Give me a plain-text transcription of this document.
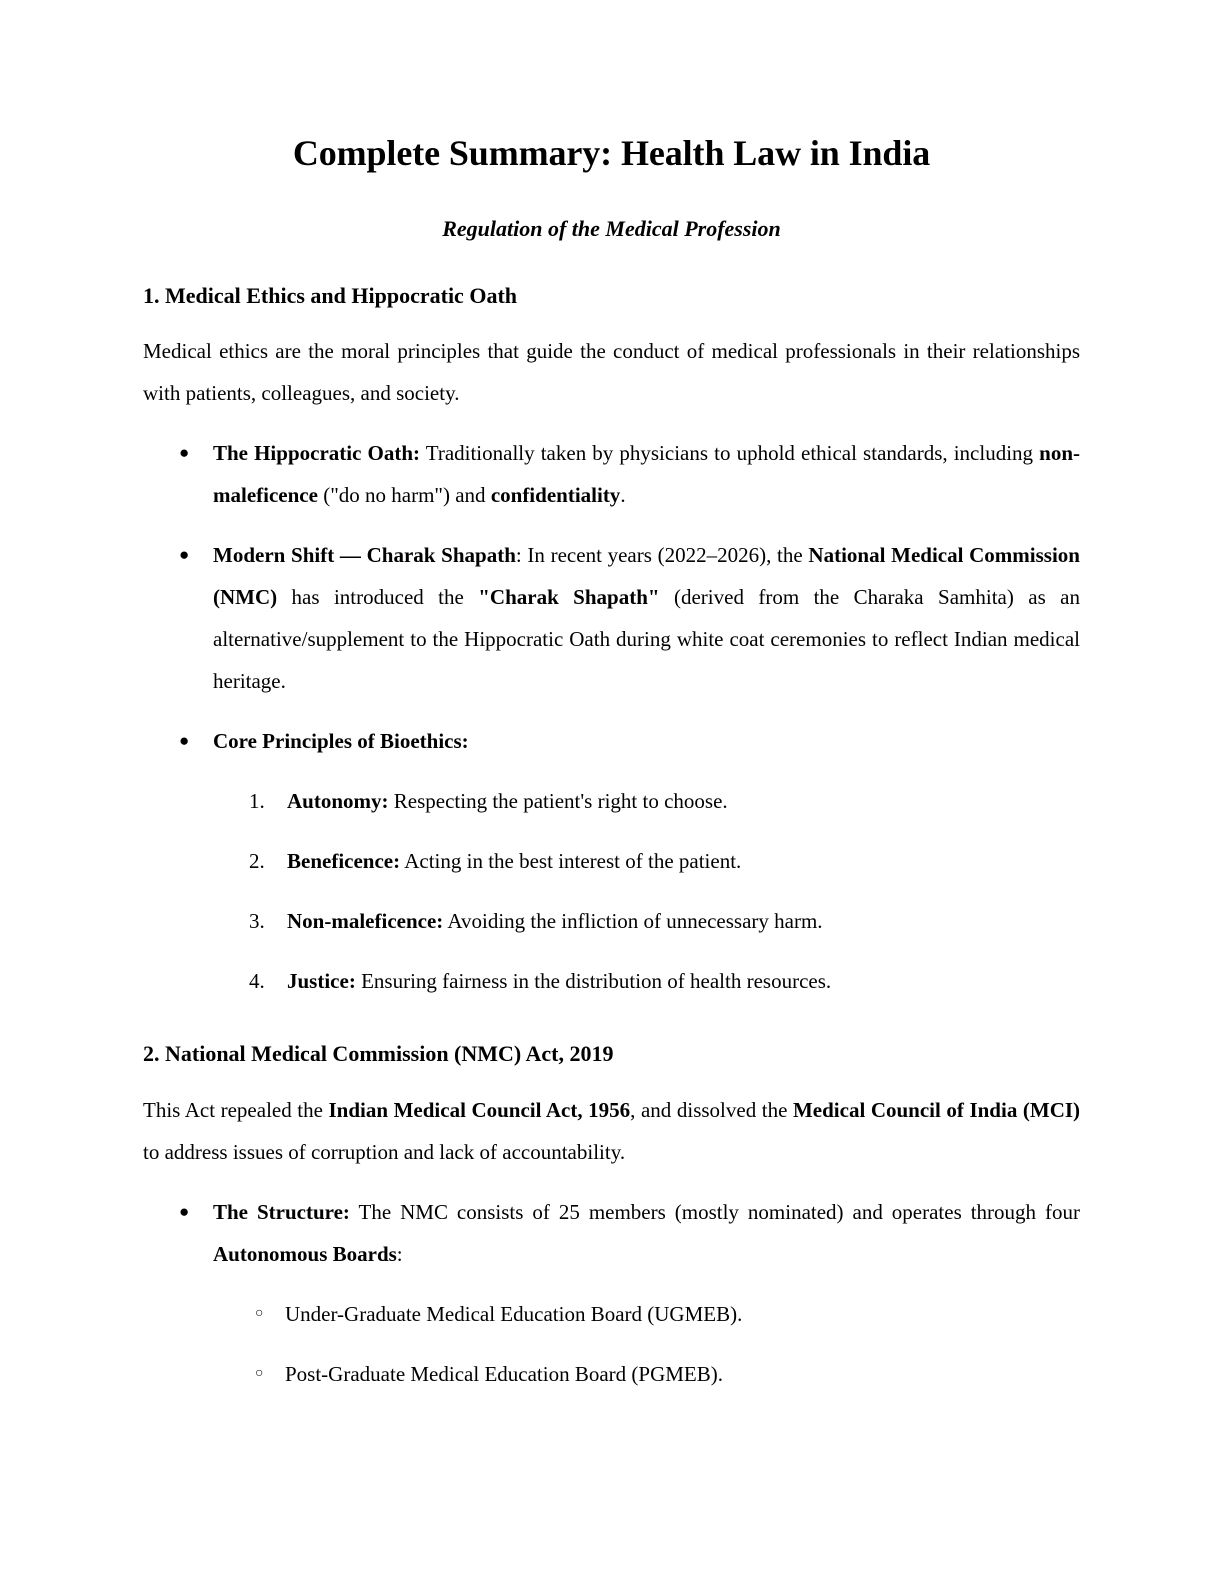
Complete Summary: Health Law in India
Regulation of the Medical Profession
1. Medical Ethics and Hippocratic Oath

Medical ethics are the moral principles that guide the conduct of medical professionals in their relationships with patients, colleagues, and society.

● The Hippocratic Oath: Traditionally taken by physicians to uphold ethical standards, including non-maleficence ("do no harm") and confidentiality.
● Modern Shift — Charak Shapath: In recent years (2022–2026), the National Medical Commission (NMC) has introduced the "Charak Shapath" (derived from the Charaka Samhita) as an alternative/supplement to the Hippocratic Oath during white coat ceremonies to reflect Indian medical heritage.
● Core Principles of Bioethics:
1.	Autonomy: Respecting the patient's right to choose.
2.	Beneficence: Acting in the best interest of the patient.
3.	Non-maleficence: Avoiding the infliction of unnecessary harm.
4.	Justice: Ensuring fairness in the distribution of health resources.
2. National Medical Commission (NMC) Act, 2019

This Act repealed the Indian Medical Council Act, 1956, and dissolved the Medical Council of India (MCI) to address issues of corruption and lack of accountability.

● The Structure: The NMC consists of 25 members (mostly nominated) and operates through four Autonomous Boards:
○ Under-Graduate Medical Education Board (UGMEB).
○ Post-Graduate Medical Education Board (PGMEB).
